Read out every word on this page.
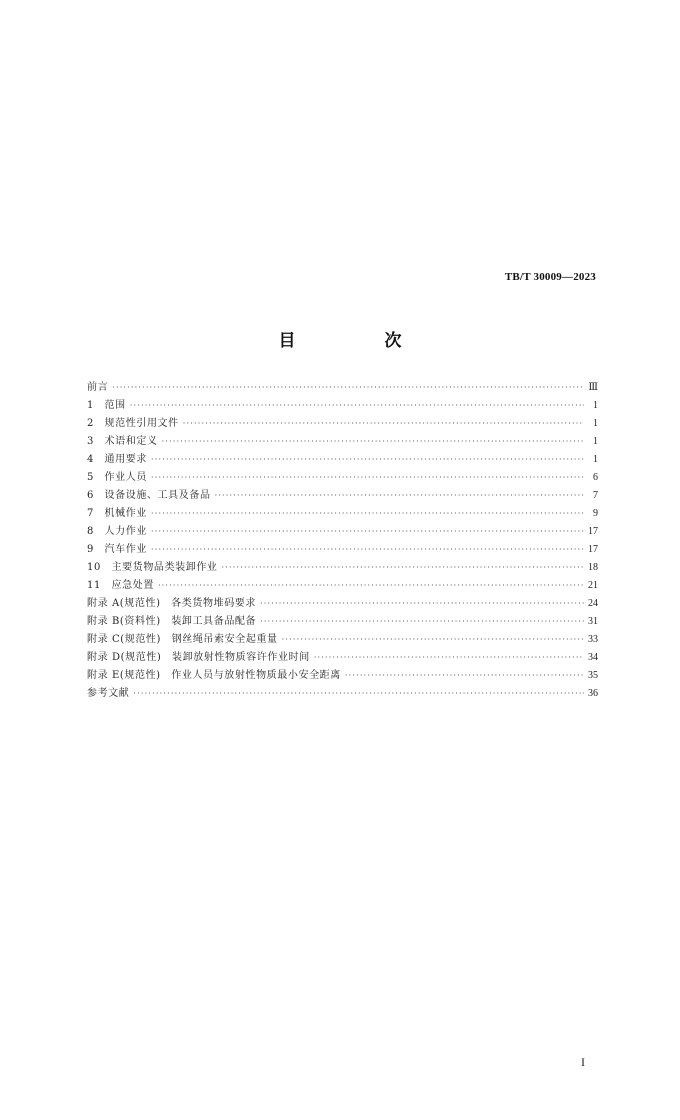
TB/T 30009—2023
目　次
前言 ·····	Ⅲ
1　范围 ·····	1
2　规范性引用文件 ·····	1
3　术语和定义 ·····	1
4　通用要求 ·····	1
5　作业人员 ·····	6
6　设备设施、工具及备品 ·····	7
7　机械作业 ·····	9
8　人力作业 ·····	17
9　汽车作业 ·····	17
10　主要货物品类装卸作业 ·····	18
11　应急处置 ·····	21
附录 A(规范性)　各类货物堆码要求 ·····	24
附录 B(资料性)　装卸工具备品配备 ·····	31
附录 C(规范性)　钢丝绳吊索安全起重量 ·····	33
附录 D(规范性)　装卸放射性物质容许作业时间 ·····	34
附录 E(规范性)　作业人员与放射性物质最小安全距离 ·····	35
参考文献 ·····	36
I
